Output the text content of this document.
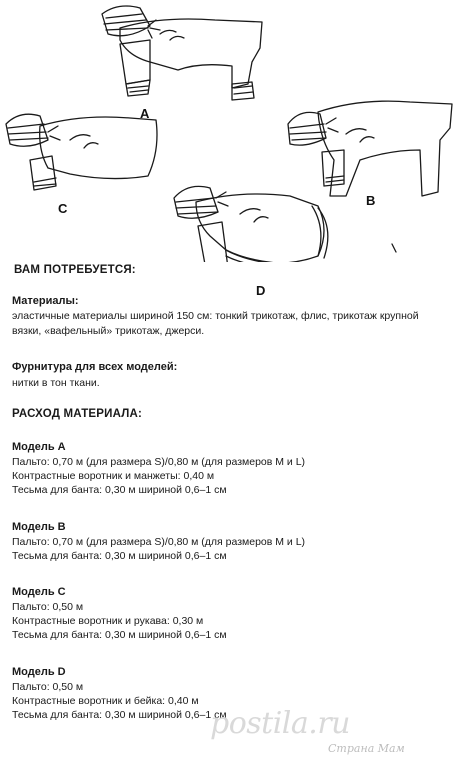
A
B
C
D
ВАМ ПОТРЕБУЕТСЯ:
Материалы:
эластичные материалы шириной 150 см: тонкий трикотаж, флис, трикотаж крупной
вязки, «вафельный» трикотаж, джерси.
Фурнитура для всех моделей:
нитки в тон ткани.
РАСХОД МАТЕРИАЛА:
Модель А
Пальто: 0,70 м (для размера S)/0,80 м (для размеров M и L)
Контрастные воротник и манжеты: 0,40 м
Тесьма для банта: 0,30 м шириной 0,6–1 см
Модель В
Пальто: 0,70 м (для размера S)/0,80 м (для размеров M и L)
Тесьма для банта: 0,30 м шириной 0,6–1 см
Модель С
Пальто: 0,50 м
Контрастные воротник и рукава: 0,30 м
Тесьма для банта: 0,30 м шириной 0,6–1 см
Модель D
Пальто: 0,50 м
Контрастные воротник и бейка: 0,40 м
Тесьма для банта: 0,30 м шириной 0,6–1 см
postila.ru
Страна Мам
